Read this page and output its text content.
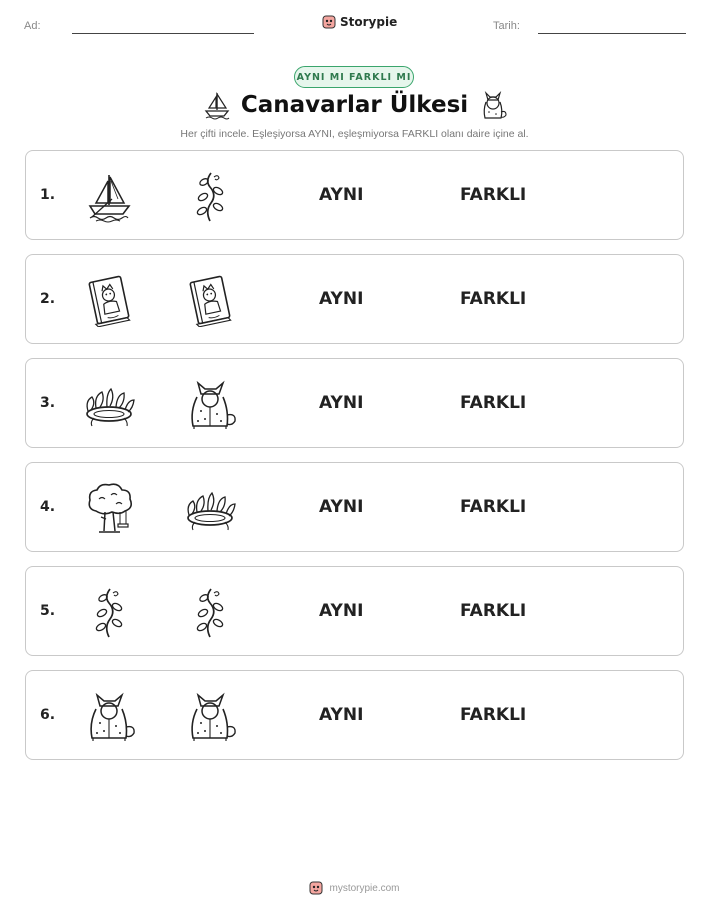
Ad:	Storypie	Tarih:
AYNI MI FARKLI MI
Canavarlar Ülkesi
Her çifti incele. Eşleşiyorsa AYNI, eşleşmiyorsa FARKLI olanı daire içine al.
1.	AYNI	FARKLI
2.	AYNI	FARKLI
3.	AYNI	FARKLI
4.	AYNI	FARKLI
5.	AYNI	FARKLI
6.	AYNI	FARKLI
mystorypie.com
